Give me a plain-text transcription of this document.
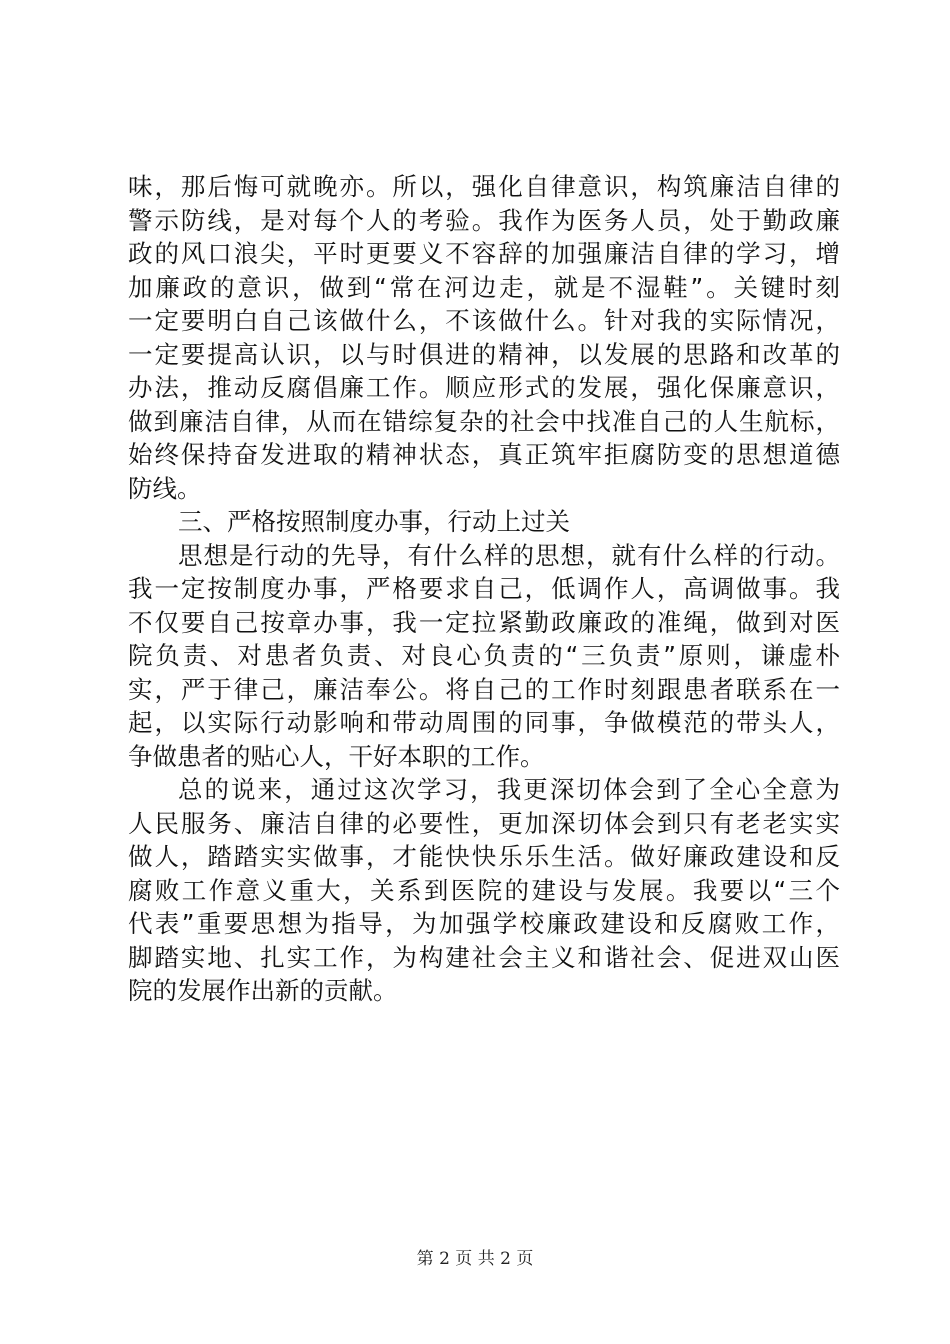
味，那后悔可就晚亦。所以，强化自律意识，构筑廉洁自律的
警示防线，是对每个人的考验。我作为医务人员，处于勤政廉
政的风口浪尖，平时更要义不容辞的加强廉洁自律的学习，增
加廉政的意识，做到“常在河边走，就是不湿鞋”。关键时刻
一定要明白自己该做什么，不该做什么。针对我的实际情况，
一定要提高认识，以与时俱进的精神，以发展的思路和改革的
办法，推动反腐倡廉工作。顺应形式的发展，强化保廉意识，
做到廉洁自律，从而在错综复杂的社会中找准自己的人生航标，
始终保持奋发进取的精神状态，真正筑牢拒腐防变的思想道德
防线。
三、严格按照制度办事，行动上过关
思想是行动的先导，有什么样的思想，就有什么样的行动。
我一定按制度办事，严格要求自己，低调作人，高调做事。我
不仅要自己按章办事，我一定拉紧勤政廉政的准绳，做到对医
院负责、对患者负责、对良心负责的“三负责”原则，谦虚朴
实，严于律己，廉洁奉公。将自己的工作时刻跟患者联系在一
起，以实际行动影响和带动周围的同事，争做模范的带头人，
争做患者的贴心人，干好本职的工作。
总的说来，通过这次学习，我更深切体会到了全心全意为
人民服务、廉洁自律的必要性，更加深切体会到只有老老实实
做人，踏踏实实做事，才能快快乐乐生活。做好廉政建设和反
腐败工作意义重大，关系到医院的建设与发展。我要以“三个
代表”重要思想为指导，为加强学校廉政建设和反腐败工作，
脚踏实地、扎实工作，为构建社会主义和谐社会、促进双山医
院的发展作出新的贡献。
第 2 页 共 2 页
